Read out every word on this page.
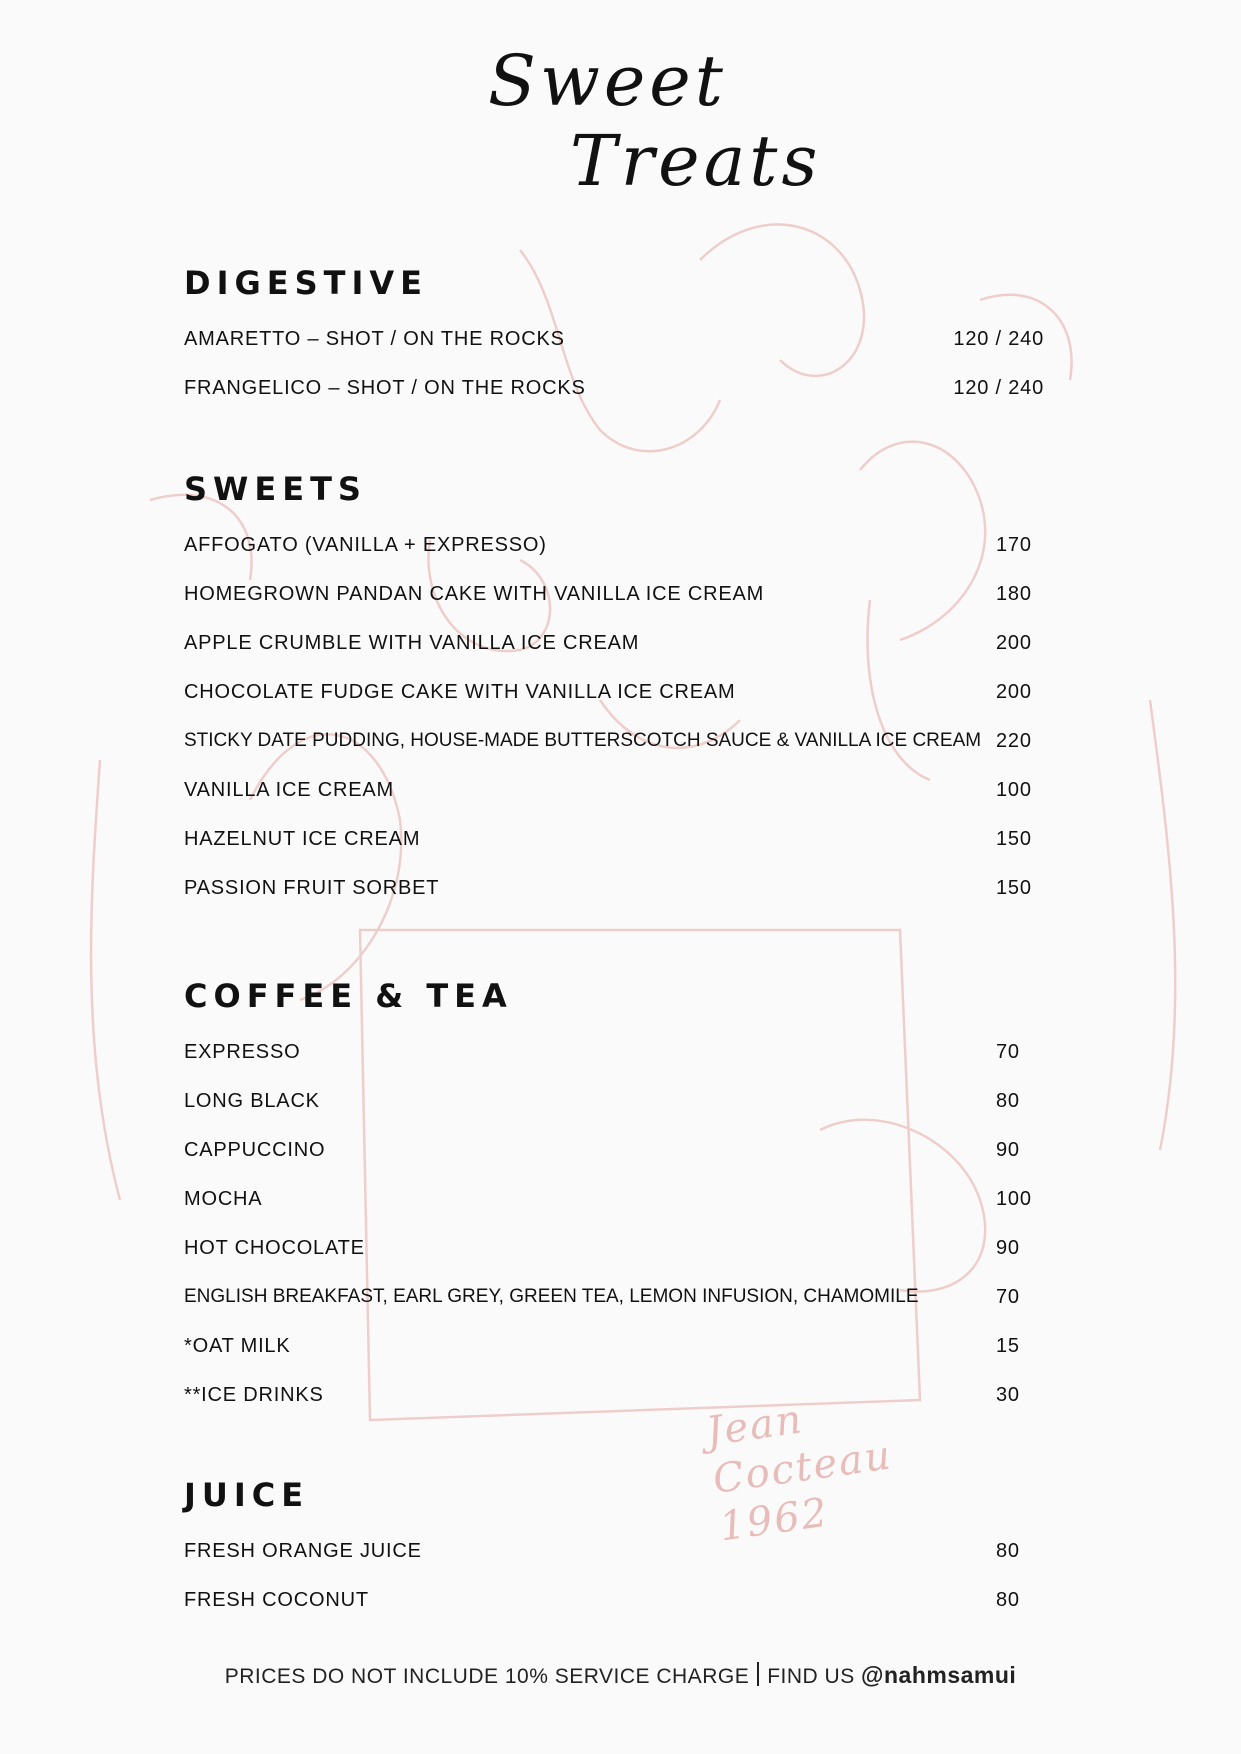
Jean Cocteau 1962
Sweet
Treats
DIGESTIVE
AMARETTO – SHOT / ON THE ROCKS	120 / 240
FRANGELICO – SHOT / ON THE ROCKS	120 / 240
SWEETS
AFFOGATO (VANILLA + EXPRESSO)	170
HOMEGROWN PANDAN CAKE WITH VANILLA ICE CREAM	180
APPLE CRUMBLE WITH VANILLA ICE CREAM	200
CHOCOLATE FUDGE CAKE WITH VANILLA ICE CREAM	200
STICKY DATE PUDDING, HOUSE-MADE BUTTERSCOTCH SAUCE & VANILLA ICE CREAM 220
VANILLA ICE CREAM	100
HAZELNUT ICE CREAM	150
PASSION FRUIT SORBET	150
COFFEE & TEA
EXPRESSO	70
LONG BLACK	80
CAPPUCCINO	90
MOCHA	100
HOT CHOCOLATE	90
ENGLISH BREAKFAST, EARL GREY, GREEN TEA, LEMON INFUSION, CHAMOMILE	70
*OAT MILK	15
**ICE DRINKS	30
JUICE
FRESH ORANGE JUICE	80
FRESH COCONUT	80
PRICES DO NOT INCLUDE 10% SERVICE CHARGE FIND US @nahmsamui
